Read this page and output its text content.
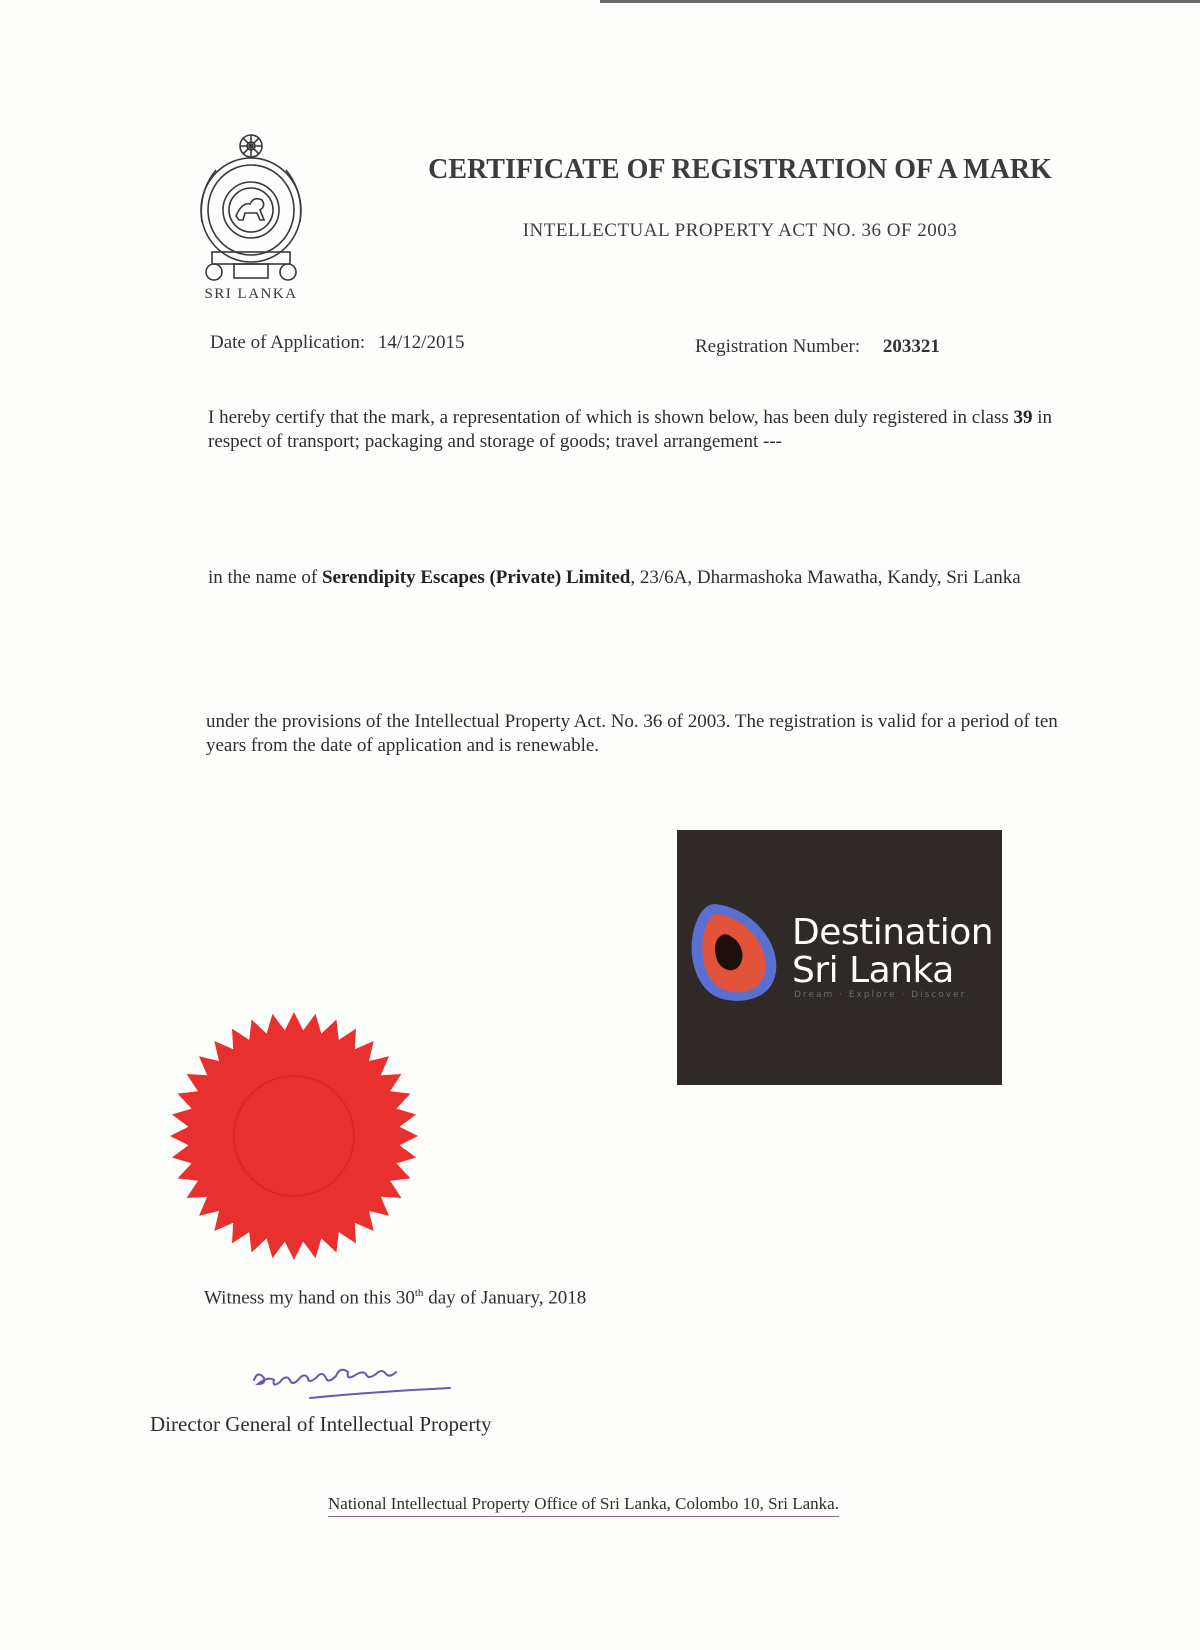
SRI LANKA
CERTIFICATE OF REGISTRATION OF A MARK
INTELLECTUAL PROPERTY ACT NO. 36 OF 2003
Date of Application: 14/12/2015	Registration Number: 203321
I hereby certify that the mark, a representation of which is shown below, has been duly registered in class 39 in respect of transport; packaging and storage of goods; travel arrangement ---
in the name of Serendipity Escapes (Private) Limited, 23/6A, Dharmashoka Mawatha, Kandy, Sri Lanka
under the provisions of the Intellectual Property Act. No. 36 of 2003. The registration is valid for a period of ten years from the date of application and is renewable.
Destination
Sri Lanka
Dream · Explore · Discover
Witness my hand on this 30th day of January, 2018
Director General of Intellectual Property
National Intellectual Property Office of Sri Lanka, Colombo 10, Sri Lanka.
